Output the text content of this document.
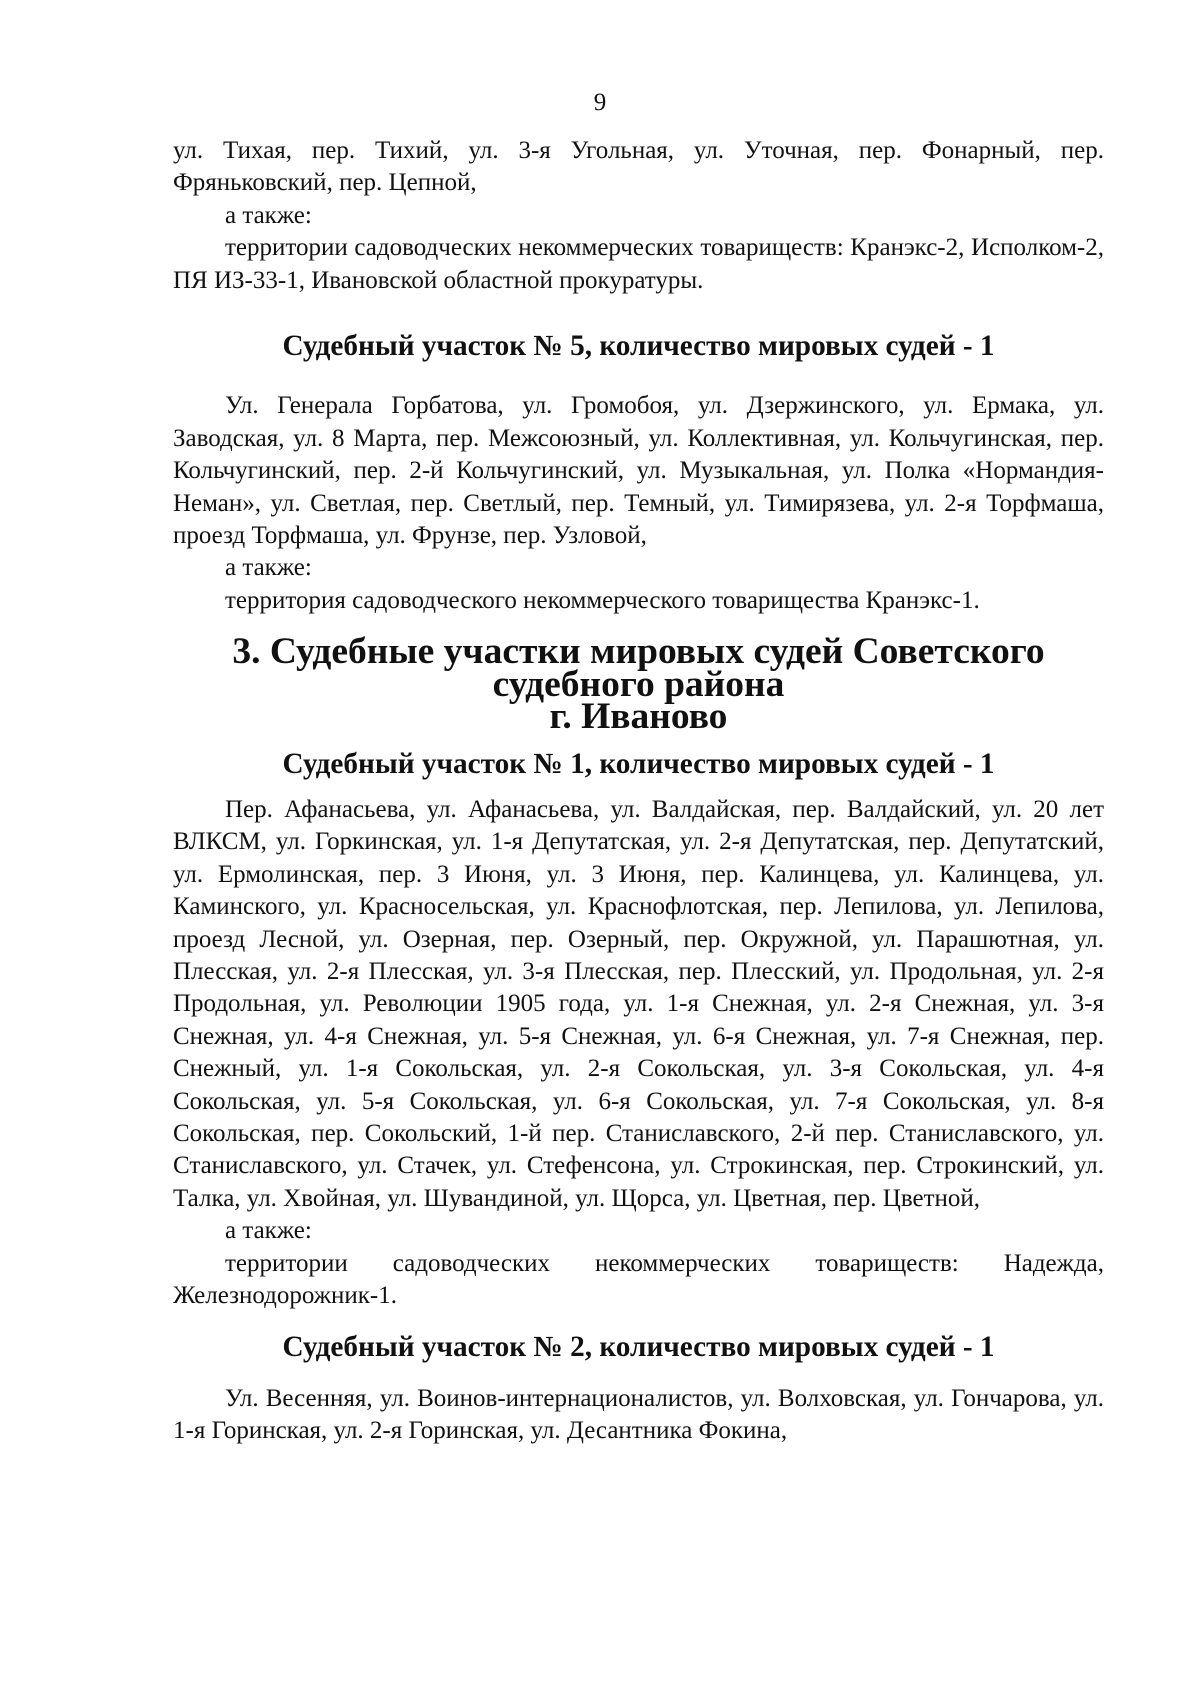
9

ул. Тихая, пер. Тихий, ул. 3-я Угольная, ул. Уточная, пер. Фонарный, пер. Фряньковский, пер. Цепной,

а также:

территории садоводческих некоммерческих товариществ: Кранэкс-2, Исполком-2, ПЯ ИЗ-33-1, Ивановской областной прокуратуры.

Судебный участок № 5, количество мировых судей - 1

Ул. Генерала Горбатова, ул. Громобоя, ул. Дзержинского, ул. Ермака, ул. Заводская, ул. 8 Марта, пер. Межсоюзный, ул. Коллективная, ул. Кольчугинская, пер. Кольчугинский, пер. 2-й Кольчугинский, ул. Музыкальная, ул. Полка «Нормандия-Неман», ул. Светлая, пер. Светлый, пер. Темный, ул. Тимирязева, ул. 2-я Торфмаша, проезд Торфмаша, ул. Фрунзе, пер. Узловой,

а также:

территория садоводческого некоммерческого товарищества Кранэкс-1.

3. Судебные участки мировых судей Советского судебного района
г. Иваново
Судебный участок № 1, количество мировых судей - 1

Пер. Афанасьева, ул. Афанасьева, ул. Валдайская, пер. Валдайский, ул. 20 лет ВЛКСМ, ул. Горкинская, ул. 1-я Депутатская, ул. 2-я Депутатская, пер. Депутатский, ул. Ермолинская, пер. 3 Июня, ул. 3 Июня, пер. Калинцева, ул. Калинцева, ул. Каминского, ул. Красносельская, ул. Краснофлотская, пер. Лепилова, ул. Лепилова, проезд Лесной, ул. Озерная, пер. Озерный, пер. Окружной, ул. Парашютная, ул. Плесская, ул. 2-я Плесская, ул. 3-я Плесская, пер. Плесский, ул. Продольная, ул. 2-я Продольная, ул. Революции 1905 года, ул. 1-я Снежная, ул. 2-я Снежная, ул. 3-я Снежная, ул. 4-я Снежная, ул. 5-я Снежная, ул. 6-я Снежная, ул. 7-я Снежная, пер. Снежный, ул. 1-я Сокольская, ул. 2-я Сокольская, ул. 3-я Сокольская, ул. 4-я Сокольская, ул. 5-я Сокольская, ул. 6-я Сокольская, ул. 7-я Сокольская, ул. 8-я Сокольская, пер. Сокольский, 1-й пер. Станиславского, 2-й пер. Станиславского, ул. Станиславского, ул. Стачек, ул. Стефенсона, ул. Строкинская, пер. Строкинский, ул. Талка, ул. Хвойная, ул. Шувандиной, ул. Щорса, ул. Цветная, пер. Цветной,

а также:

территории садоводческих некоммерческих товариществ: Надежда, Железнодорожник-1.

Судебный участок № 2, количество мировых судей - 1

Ул. Весенняя, ул. Воинов-интернационалистов, ул. Волховская, ул. Гончарова, ул. 1-я Горинская, ул. 2-я Горинская, ул. Десантника Фокина,
